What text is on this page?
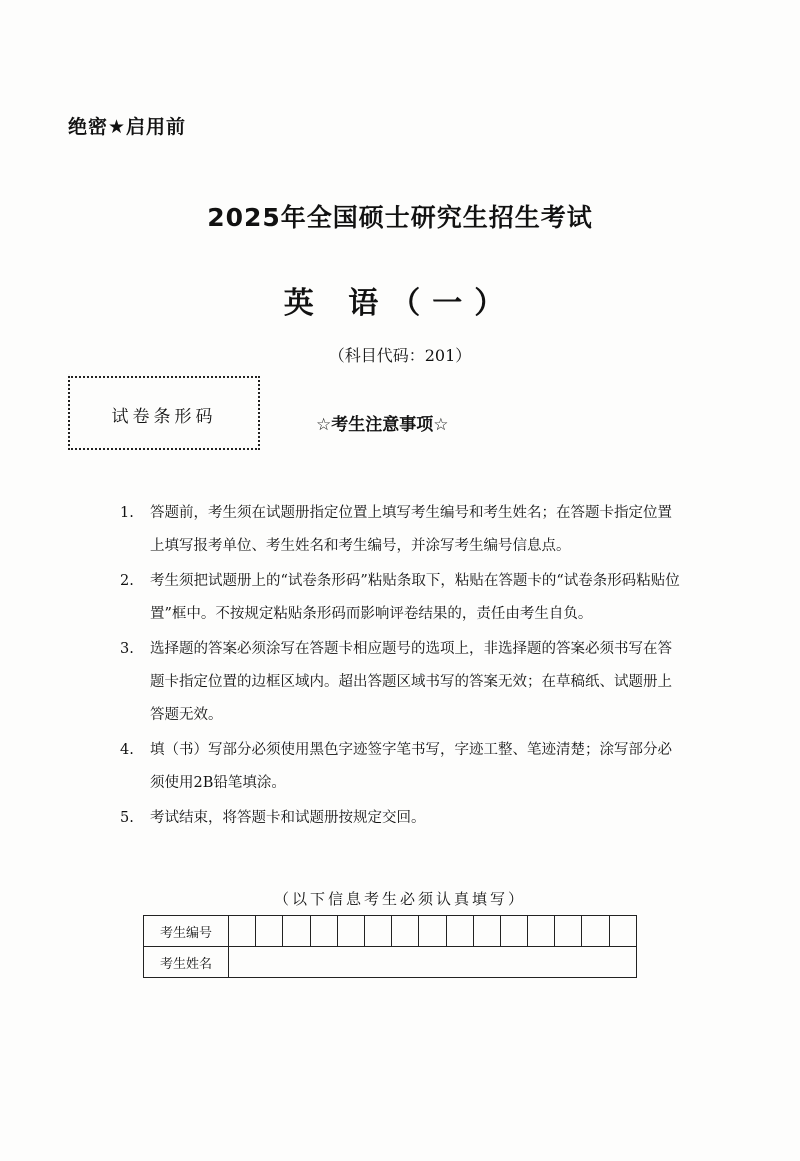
绝密★启用前
2025年全国硕士研究生招生考试
英 语（一）
（科目代码：201）
试卷条形码	☆考生注意事项☆
1.	答题前，考生须在试题册指定位置上填写考生编号和考生姓名；在答题卡指定位置上填写报考单位、考生姓名和考生编号，并涂写考生编号信息点。
2.	考生须把试题册上的“试卷条形码”粘贴条取下，粘贴在答题卡的“试卷条形码粘贴位置”框中。不按规定粘贴条形码而影响评卷结果的，责任由考生自负。
3.	选择题的答案必须涂写在答题卡相应题号的选项上，非选择题的答案必须书写在答题卡指定位置的边框区域内。超出答题区域书写的答案无效；在草稿纸、试题册上答题无效。
4.	填（书）写部分必须使用黑色字迹签字笔书写，字迹工整、笔迹清楚；涂写部分必须使用2B铅笔填涂。
5.	考试结束，将答题卡和试题册按规定交回。
（以下信息考生必须认真填写）
考生编号															
考生姓名															
